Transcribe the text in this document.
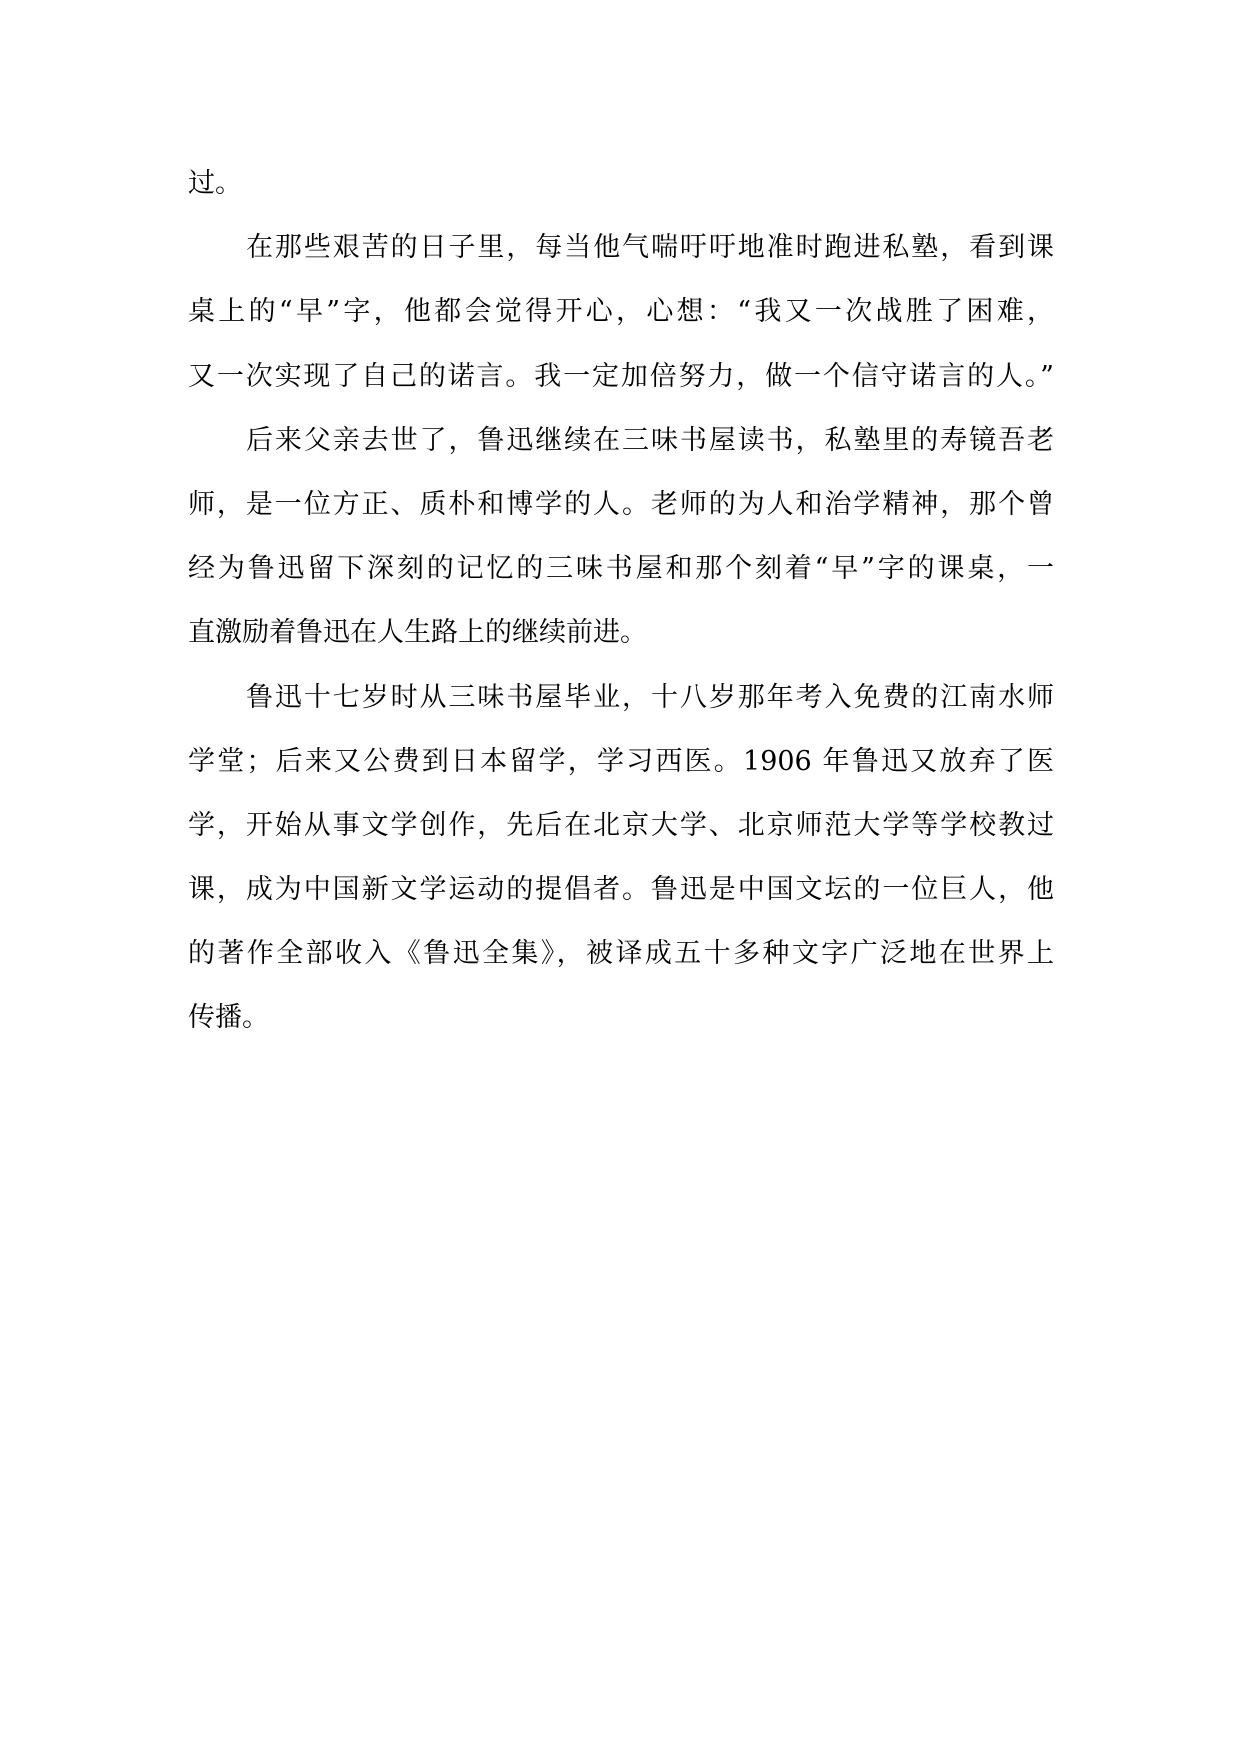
过。
在那些艰苦的日子里，每当他气喘吁吁地准时跑进私塾，看到课
桌上的“早”字，他都会觉得开心，心想：“我又一次战胜了困难，
又一次实现了自己的诺言。我一定加倍努力，做一个信守诺言的人。”
后来父亲去世了，鲁迅继续在三味书屋读书，私塾里的寿镜吾老
师，是一位方正、质朴和博学的人。老师的为人和治学精神，那个曾
经为鲁迅留下深刻的记忆的三味书屋和那个刻着“早”字的课桌，一
直激励着鲁迅在人生路上的继续前进。
鲁迅十七岁时从三味书屋毕业，十八岁那年考入免费的江南水师
学堂；后来又公费到日本留学，学习西医。1906 年鲁迅又放弃了医
学，开始从事文学创作，先后在北京大学、北京师范大学等学校教过
课，成为中国新文学运动的提倡者。鲁迅是中国文坛的一位巨人，他
的著作全部收入《鲁迅全集》，被译成五十多种文字广泛地在世界上
传播。
